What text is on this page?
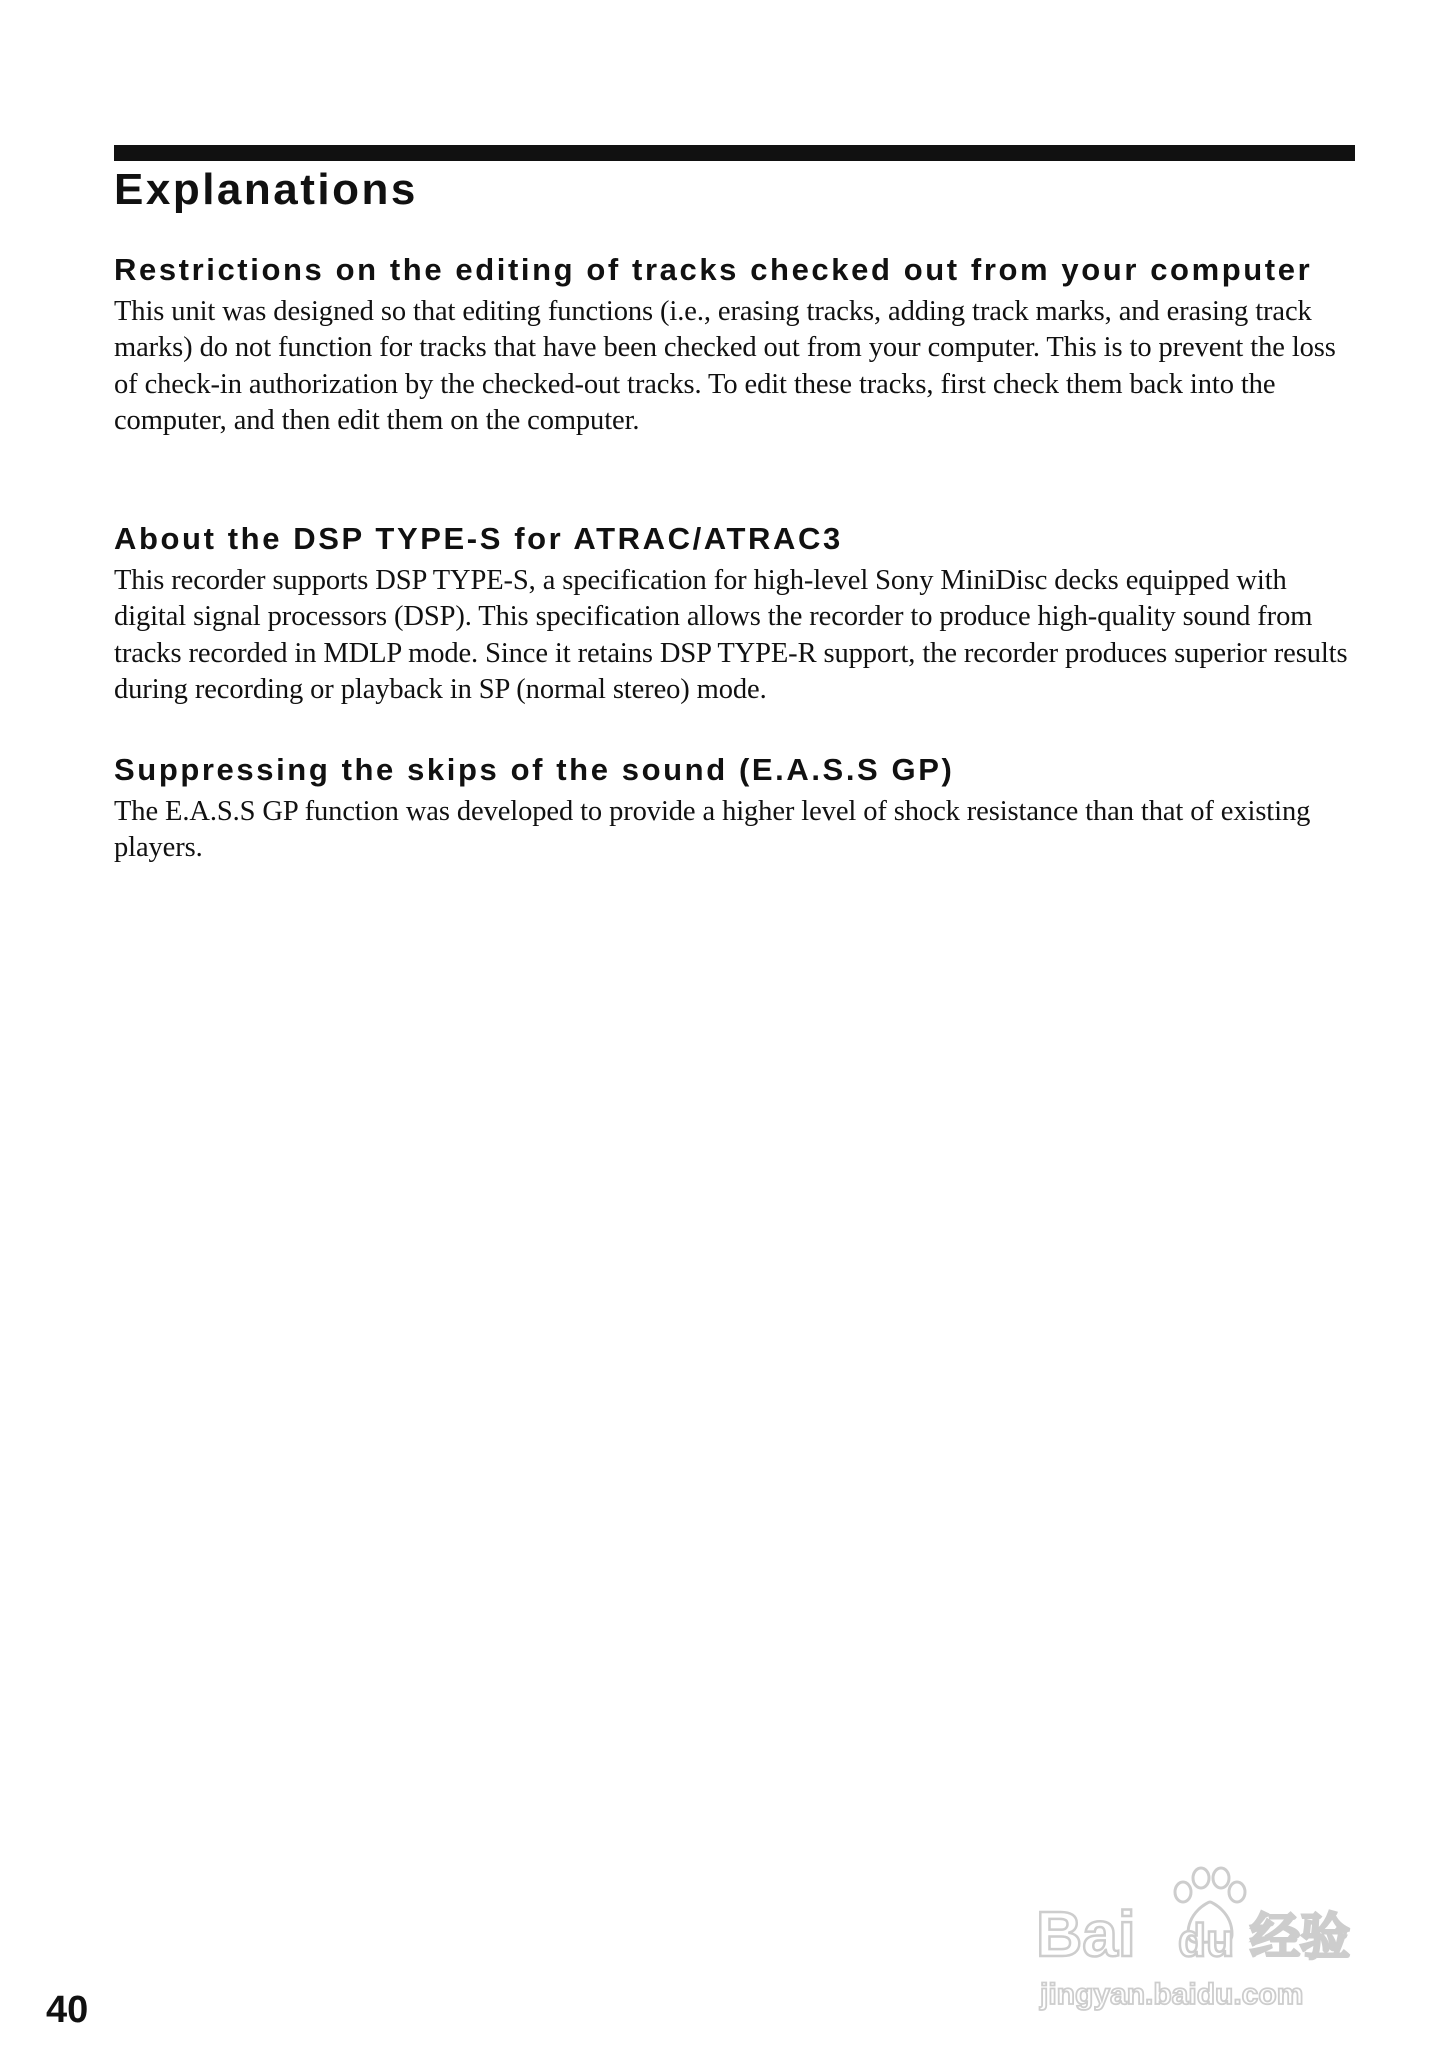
Explanations
Restrictions on the editing of tracks checked out from your computer

This unit was designed so that editing functions (i.e., erasing tracks, adding track marks, and erasing track marks) do not function for tracks that have been checked out from your computer. This is to prevent the loss of check-in authorization by the checked-out tracks. To edit these tracks, first check them back into the computer, and then edit them on the computer.

About the DSP TYPE-S for ATRAC/ATRAC3

This recorder supports DSP TYPE-S, a specification for high-level Sony MiniDisc decks equipped with digital signal processors (DSP). This specification allows the recorder to produce high-quality sound from tracks recorded in MDLP mode. Since it retains DSP TYPE-R support, the recorder produces superior results during recording or playback in SP (normal stereo) mode.

Suppressing the skips of the sound (E.A.S.S GP)

The E.A.S.S GP function was developed to provide a higher level of shock resistance than that of existing players.

40
Bai du 经验
jingyan.baidu.com
